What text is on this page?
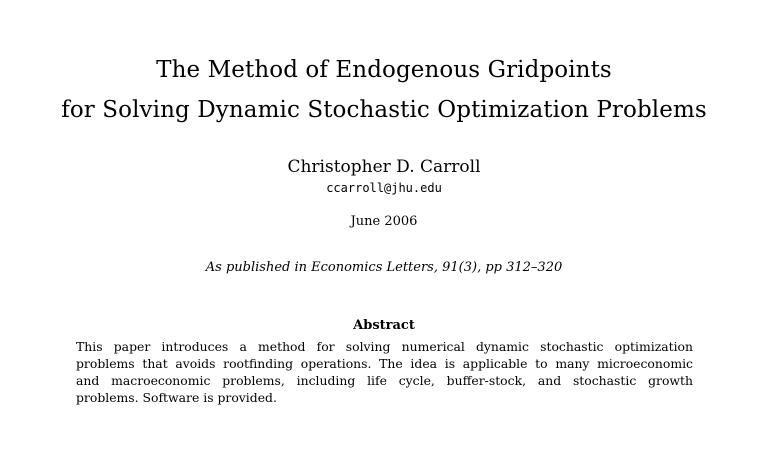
The Method of Endogenous Gridpoints
for Solving Dynamic Stochastic Optimization Problems
Christopher D. Carroll
ccarroll@jhu.edu
June 2006
As published in Economics Letters, 91(3), pp 312–320
Abstract
This paper introduces a method for solving numerical dynamic stochastic optimization
problems that avoids rootfinding operations. The idea is applicable to many microeconomic
and macroeconomic problems, including life cycle, buffer-stock, and stochastic growth
problems. Software is provided.
